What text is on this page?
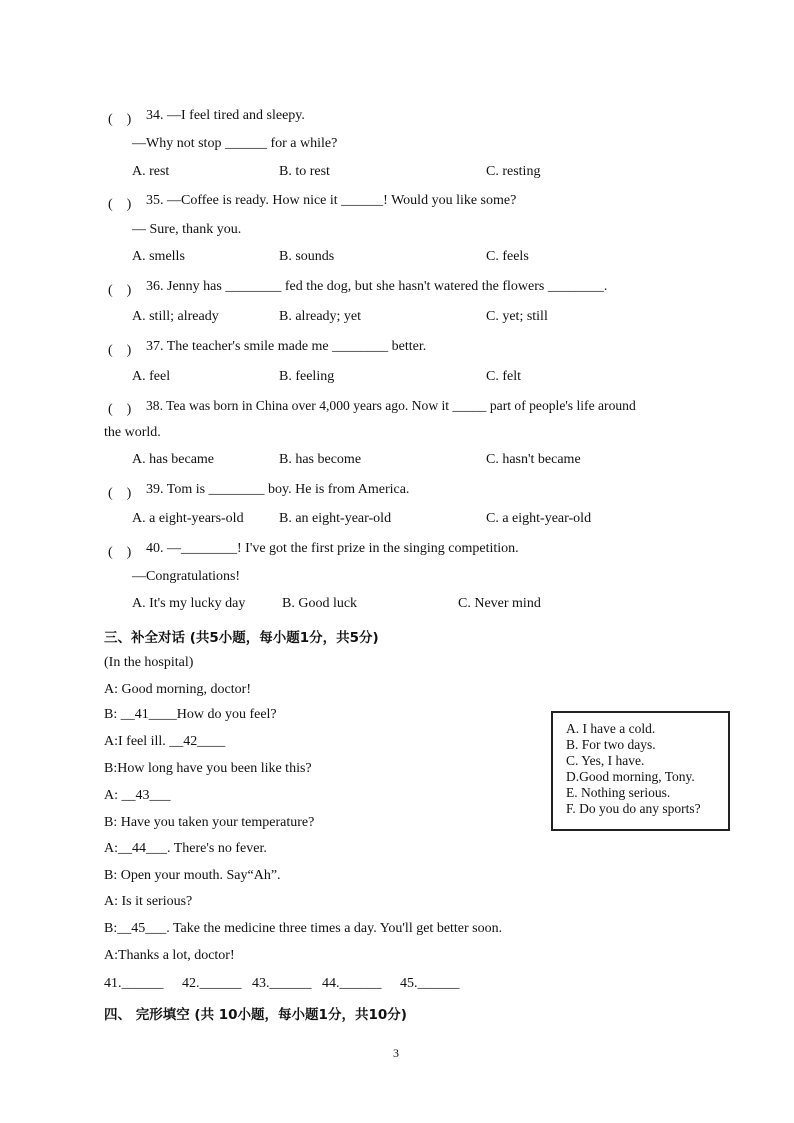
(　) 34. —I feel tired and sleepy.
—Why not stop ______ for a while?
A. rest	B. to rest	C. resting
(　) 35. —Coffee is ready. How nice it ______! Would you like some?
— Sure, thank you.
A. smells	B. sounds	C. feels
(　) 36. Jenny has ________ fed the dog, but she hasn't watered the flowers ________.
A. still; already	B. already; yet	C. yet; still
(　) 37. The teacher's smile made me ________ better.
A. feel	B. feeling	C. felt
(　) 38. Tea was born in China over 4,000 years ago. Now it _____ part of people's life around
the world.
A. has became	B. has become	C. hasn't became
(　) 39. Tom is ________ boy. He is from America.
A. a eight-years-old	B. an eight-year-old	C. a eight-year-old
(　) 40. —________! I've got the first prize in the singing competition.
—Congratulations!
A. It's my lucky day	B. Good luck	C. Never mind
三、补全对话 (共5小题，每小题1分，共5分)
(In the hospital)
A: Good morning, doctor!
B: __41____How do you feel?
A:I feel ill. __42____
B:How long have you been like this?
A: __43___
B: Have you taken your temperature?
A:__44___. There's no fever.
B: Open your mouth. Say“Ah”.
A: Is it serious?
B:__45___. Take the medicine three times a day. You'll get better soon.
A:Thanks a lot, doctor!
A. I have a cold.
B. For two days.
C. Yes, I have.
D.Good morning, Tony.
E. Nothing serious.
F. Do you do any sports?
41.______ 42.______ 43.______ 44.______ 45.______
四、 完形填空 (共 10小题，每小题1分，共10分)
3
